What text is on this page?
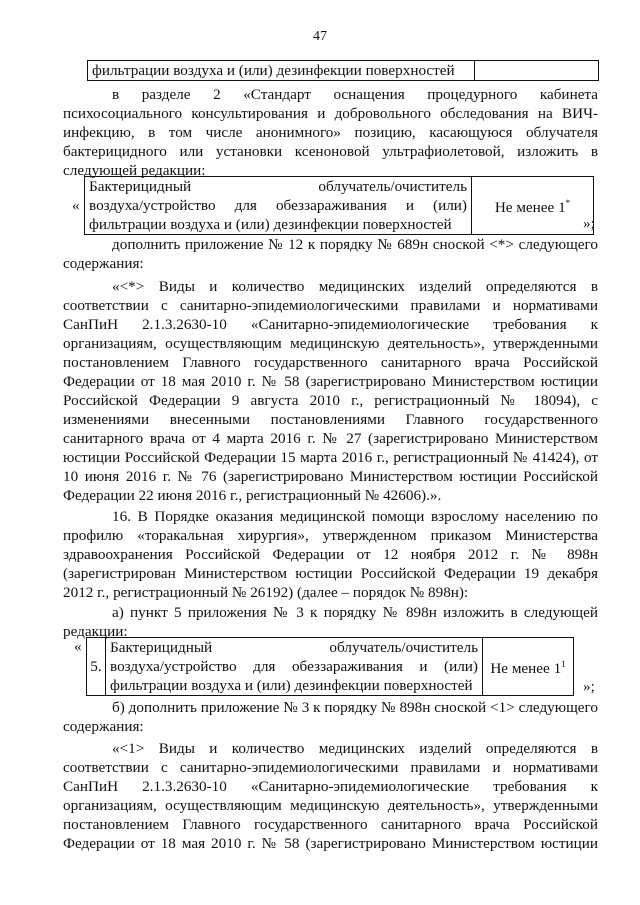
47
фильтрации воздуха и (или) дезинфекции поверхностей	
в разделе 2 «Стандарт оснащения процедурного кабинета
психосоциального консультирования и добровольного обследования на ВИЧ-
инфекцию, в том числе анонимного» позицию, касающуюся облучателя
бактерицидного или установки ксеноновой ультрафиолетовой, изложить в
следующей редакции:
«
Бактерицидный облучатель/очиститель
воздуха/устройство для обеззараживания и (или)
фильтрации воздуха и (или) дезинфекции поверхностей
	Не менее 1*
»;
дополнить приложение № 12 к порядку № 689н сноской <*> следующего
содержания:
«<*> Виды и количество медицинских изделий определяются в
соответствии с санитарно-эпидемиологическими правилами и нормативами
СанПиН 2.1.3.2630-10 «Санитарно-эпидемиологические требования к
организациям, осуществляющим медицинскую деятельность», утвержденными
постановлением Главного государственного санитарного врача Российской
Федерации от 18 мая 2010 г. № 58 (зарегистрировано Министерством юстиции
Российской Федерации 9 августа 2010 г., регистрационный № 18094), с
изменениями внесенными постановлениями Главного государственного
санитарного врача от 4 марта 2016 г. № 27 (зарегистрировано Министерством
юстиции Российской Федерации 15 марта 2016 г., регистрационный № 41424), от
10 июня 2016 г. № 76 (зарегистрировано Министерством юстиции Российской
Федерации 22 июня 2016 г., регистрационный № 42606).».
16. В Порядке оказания медицинской помощи взрослому населению по
профилю «торакальная хирургия», утвержденном приказом Министерства
здравоохранения Российской Федерации от 12 ноября 2012 г. № 898н
(зарегистрирован Министерством юстиции Российской Федерации 19 декабря
2012 г., регистрационный № 26192) (далее – порядок № 898н):
а) пункт 5 приложения № 3 к порядку № 898н изложить в следующей
редакции:
«
5.	
Бактерицидный облучатель/очиститель
воздуха/устройство для обеззараживания и (или)
фильтрации воздуха и (или) дезинфекции поверхностей
	Не менее $1^1$
»;
б) дополнить приложение № 3 к порядку № 898н сноской <1> следующего
содержания:
«<1> Виды и количество медицинских изделий определяются в
соответствии с санитарно-эпидемиологическими правилами и нормативами
СанПиН 2.1.3.2630-10 «Санитарно-эпидемиологические требования к
организациям, осуществляющим медицинскую деятельность», утвержденными
постановлением Главного государственного санитарного врача Российской
Федерации от 18 мая 2010 г. № 58 (зарегистрировано Министерством юстиции
